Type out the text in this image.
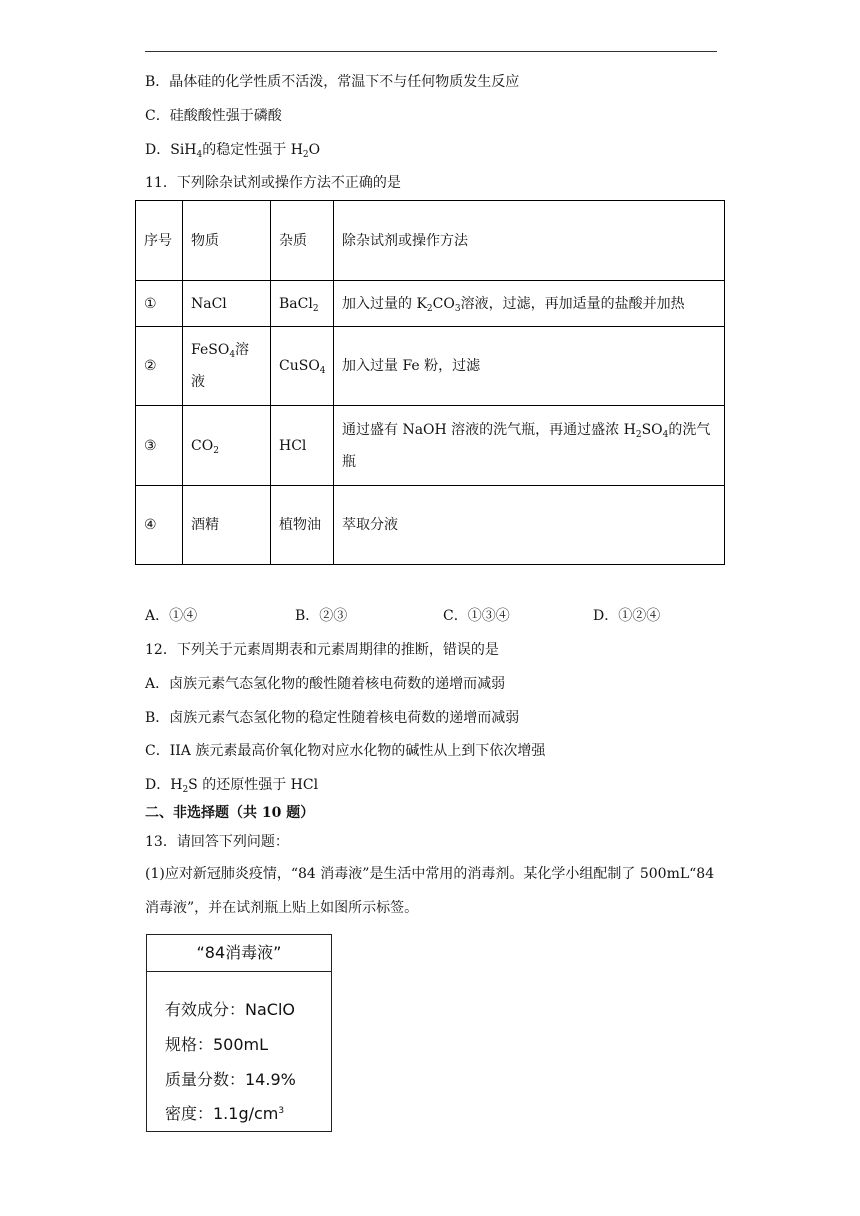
B．晶体硅的化学性质不活泼，常温下不与任何物质发生反应
C．硅酸酸性强于磷酸
D．SiH$_4$的稳定性强于 $H_2O$
11．下列除杂试剂或操作方法不正确的是
序号	物质	杂质	除杂试剂或操作方法
①	NaCl	BaCl$_2$	加入过量的 $K_2CO_3$溶液，过滤，再加适量的盐酸并加热
②	FeSO$_4$溶液	CuSO$_4$	加入过量 Fe 粉，过滤
③	$CO_2$	HCl	通过盛有 NaOH 溶液的洗气瓶，再通过盛浓 $H_2SO_4$的洗气瓶
④	酒精	植物油	萃取分液
A．①④	B．②③	C．①③④	D．①②④
12．下列关于元素周期表和元素周期律的推断，错误的是
A．卤族元素气态氢化物的酸性随着核电荷数的递增而减弱
B．卤族元素气态氢化物的稳定性随着核电荷数的递增而减弱
C．IIA 族元素最高价氧化物对应水化物的碱性从上到下依次增强
D．$H_2S$ 的还原性强于 HCl
二、非选择题（共 10 题）
13．请回答下列问题：
(1)应对新冠肺炎疫情，“84 消毒液”是生活中常用的消毒剂。某化学小组配制了 500mL“84
消毒液”，并在试剂瓶上贴上如图所示标签。
“84消毒液”
有效成分：NaClO
规格：500mL
质量分数：14.9%
密度：$1.1g/cm^3$
